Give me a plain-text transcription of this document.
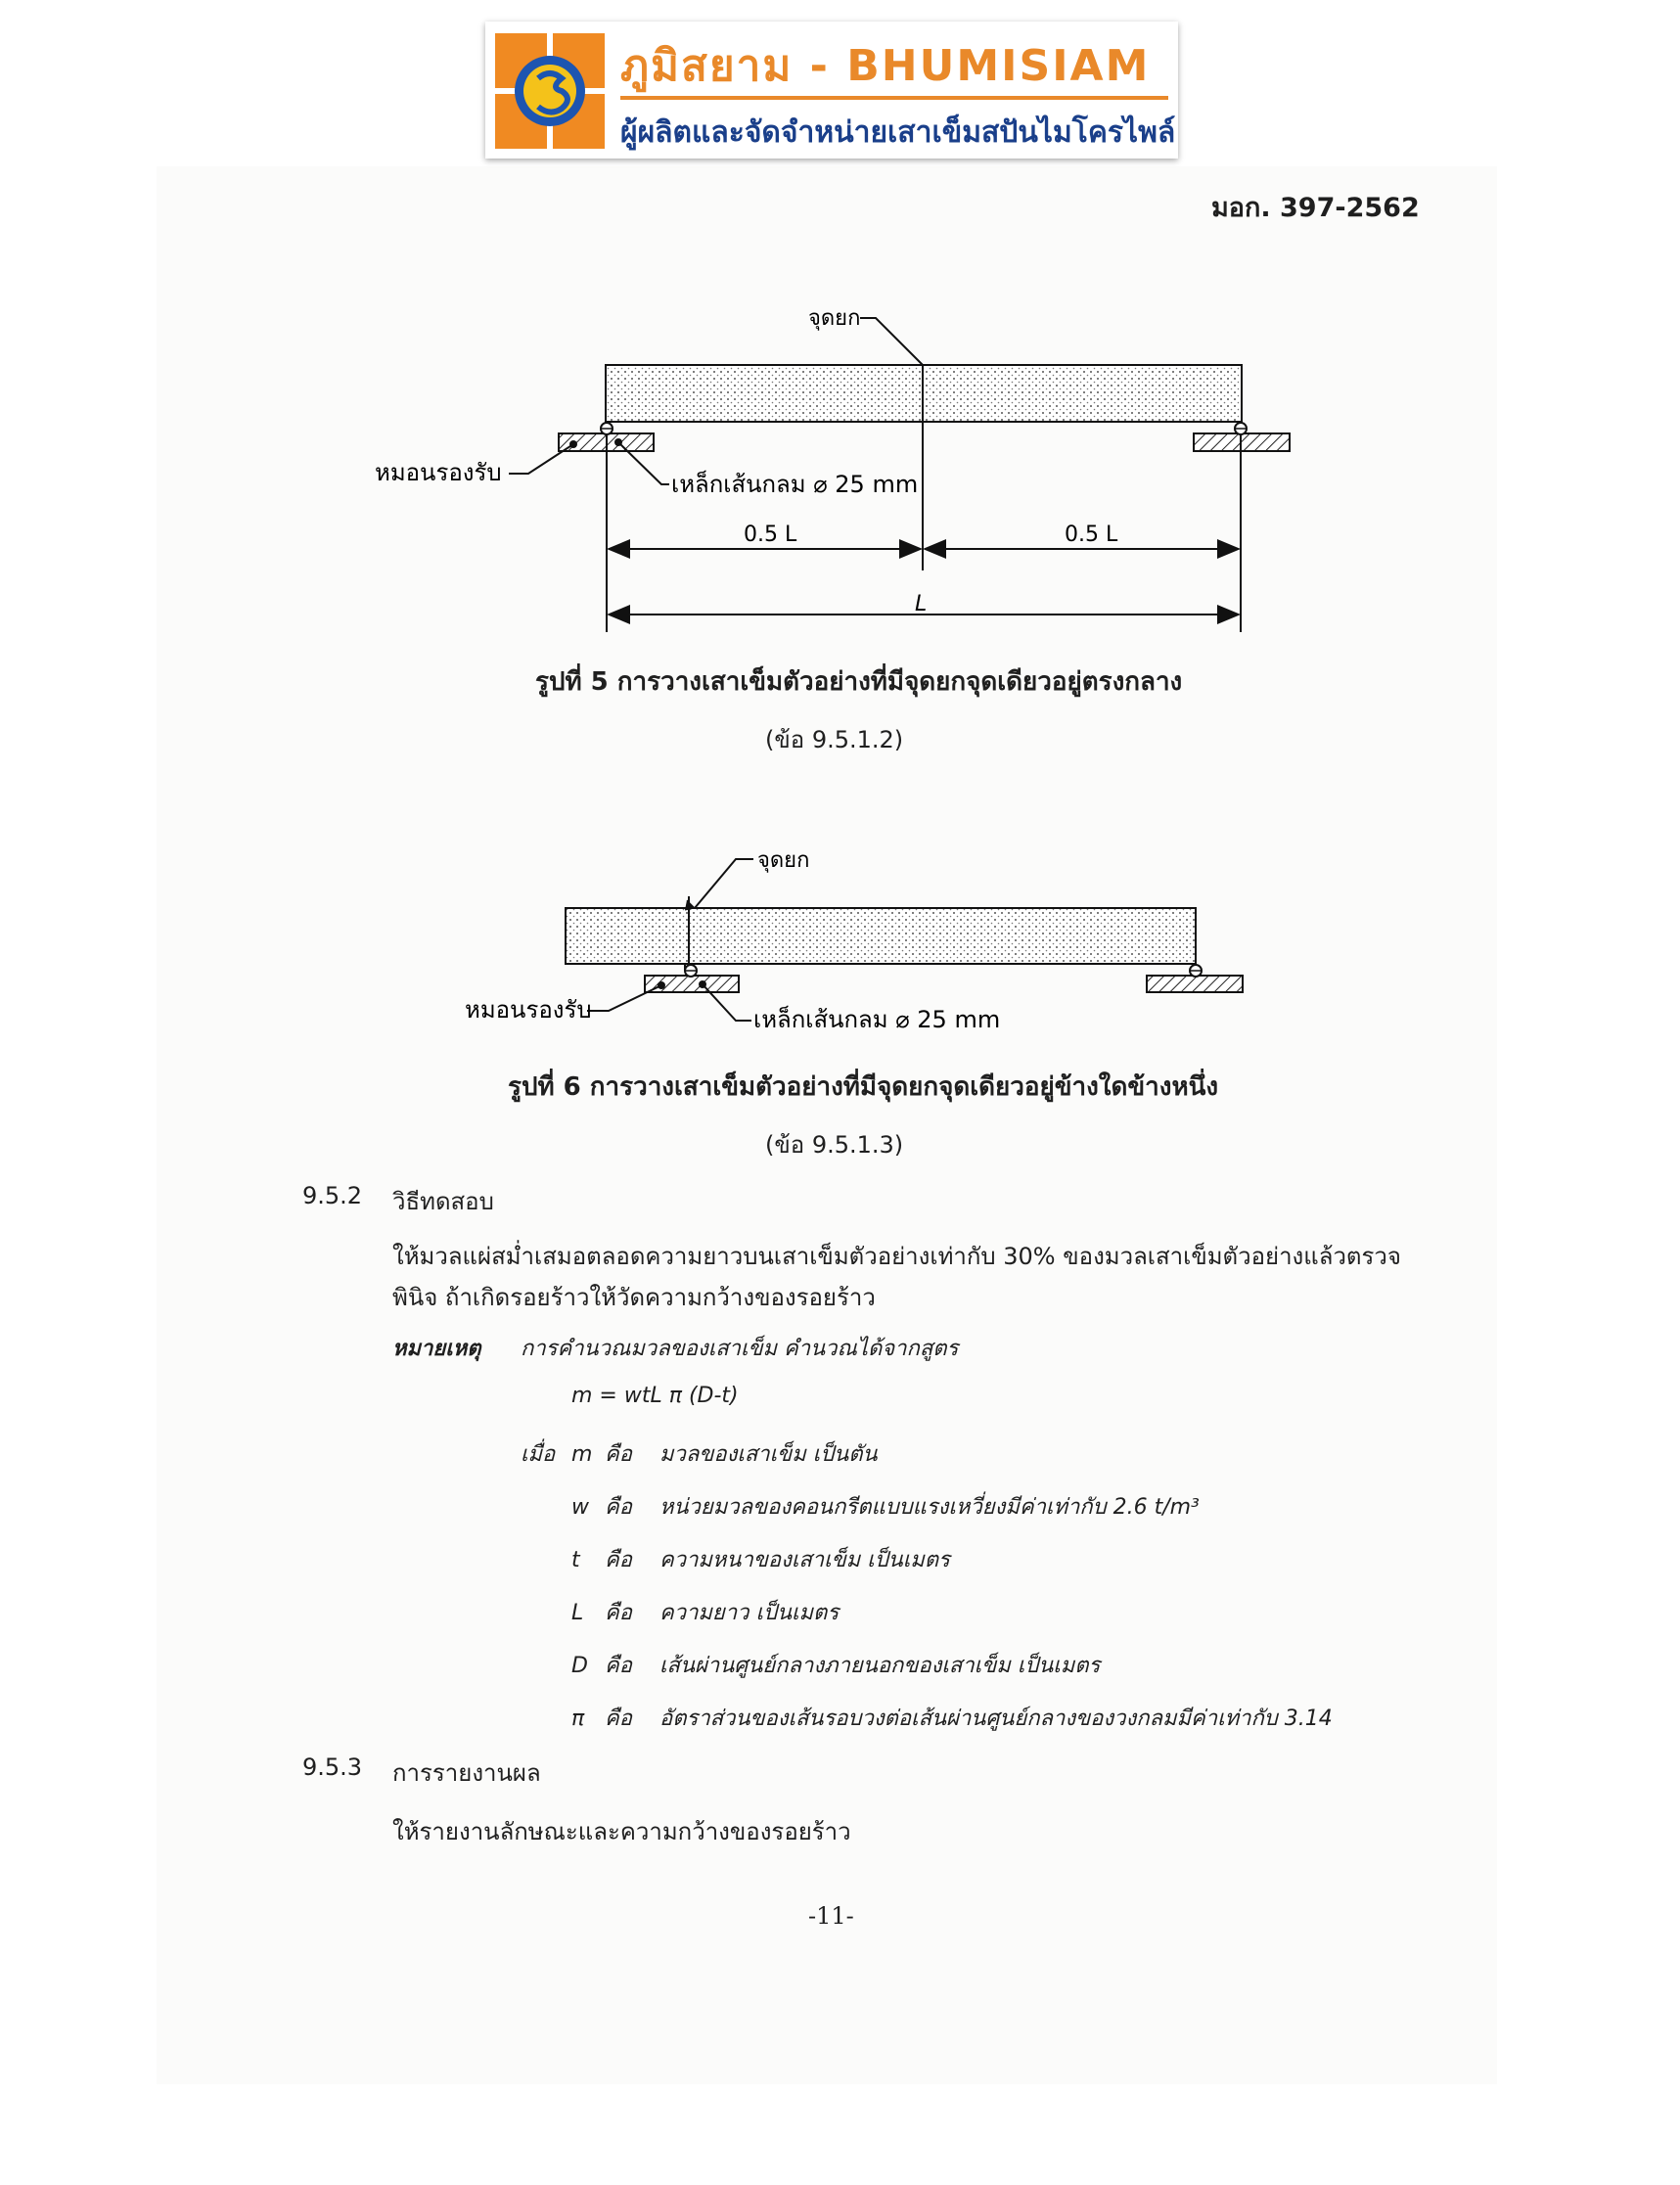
ภูมิสยาม - BHUMISIAM
ผู้ผลิตและจัดจำหน่ายเสาเข็มสปันไมโครไพล์
มอก. 397-2562
จุดยก
หมอนรองรับ	เหล็กเส้นกลม ⌀ 25 mm
0.5 L	0.5 L
L
รูปที่ 5 การวางเสาเข็มตัวอย่างที่มีจุดยกจุดเดียวอยู่ตรงกลาง
(ข้อ 9.5.1.2)
จุดยก
หมอนรองรับ	เหล็กเส้นกลม ⌀ 25 mm
รูปที่ 6 การวางเสาเข็มตัวอย่างที่มีจุดยกจุดเดียวอยู่ข้างใดข้างหนึ่ง
(ข้อ 9.5.1.3)
9.5.2 วิธีทดสอบ
ให้มวลแผ่สม่ำเสมอตลอดความยาวบนเสาเข็มตัวอย่างเท่ากับ 30% ของมวลเสาเข็มตัวอย่างแล้วตรวจ
พินิจ ถ้าเกิดรอยร้าวให้วัดความกว้างของรอยร้าว
หมายเหตุ การคำนวณมวลของเสาเข็ม คำนวณได้จากสูตร
m = wtL π (D-t)
เมื่อ m คือ มวลของเสาเข็ม เป็นตัน
w คือ หน่วยมวลของคอนกรีตแบบแรงเหวี่ยงมีค่าเท่ากับ 2.6 t/m³
t คือ ความหนาของเสาเข็ม เป็นเมตร
L คือ ความยาว เป็นเมตร
D คือ เส้นผ่านศูนย์กลางภายนอกของเสาเข็ม เป็นเมตร
π คือ อัตราส่วนของเส้นรอบวงต่อเส้นผ่านศูนย์กลางของวงกลมมีค่าเท่ากับ 3.14
9.5.3 การรายงานผล
ให้รายงานลักษณะและความกว้างของรอยร้าว
-11-
